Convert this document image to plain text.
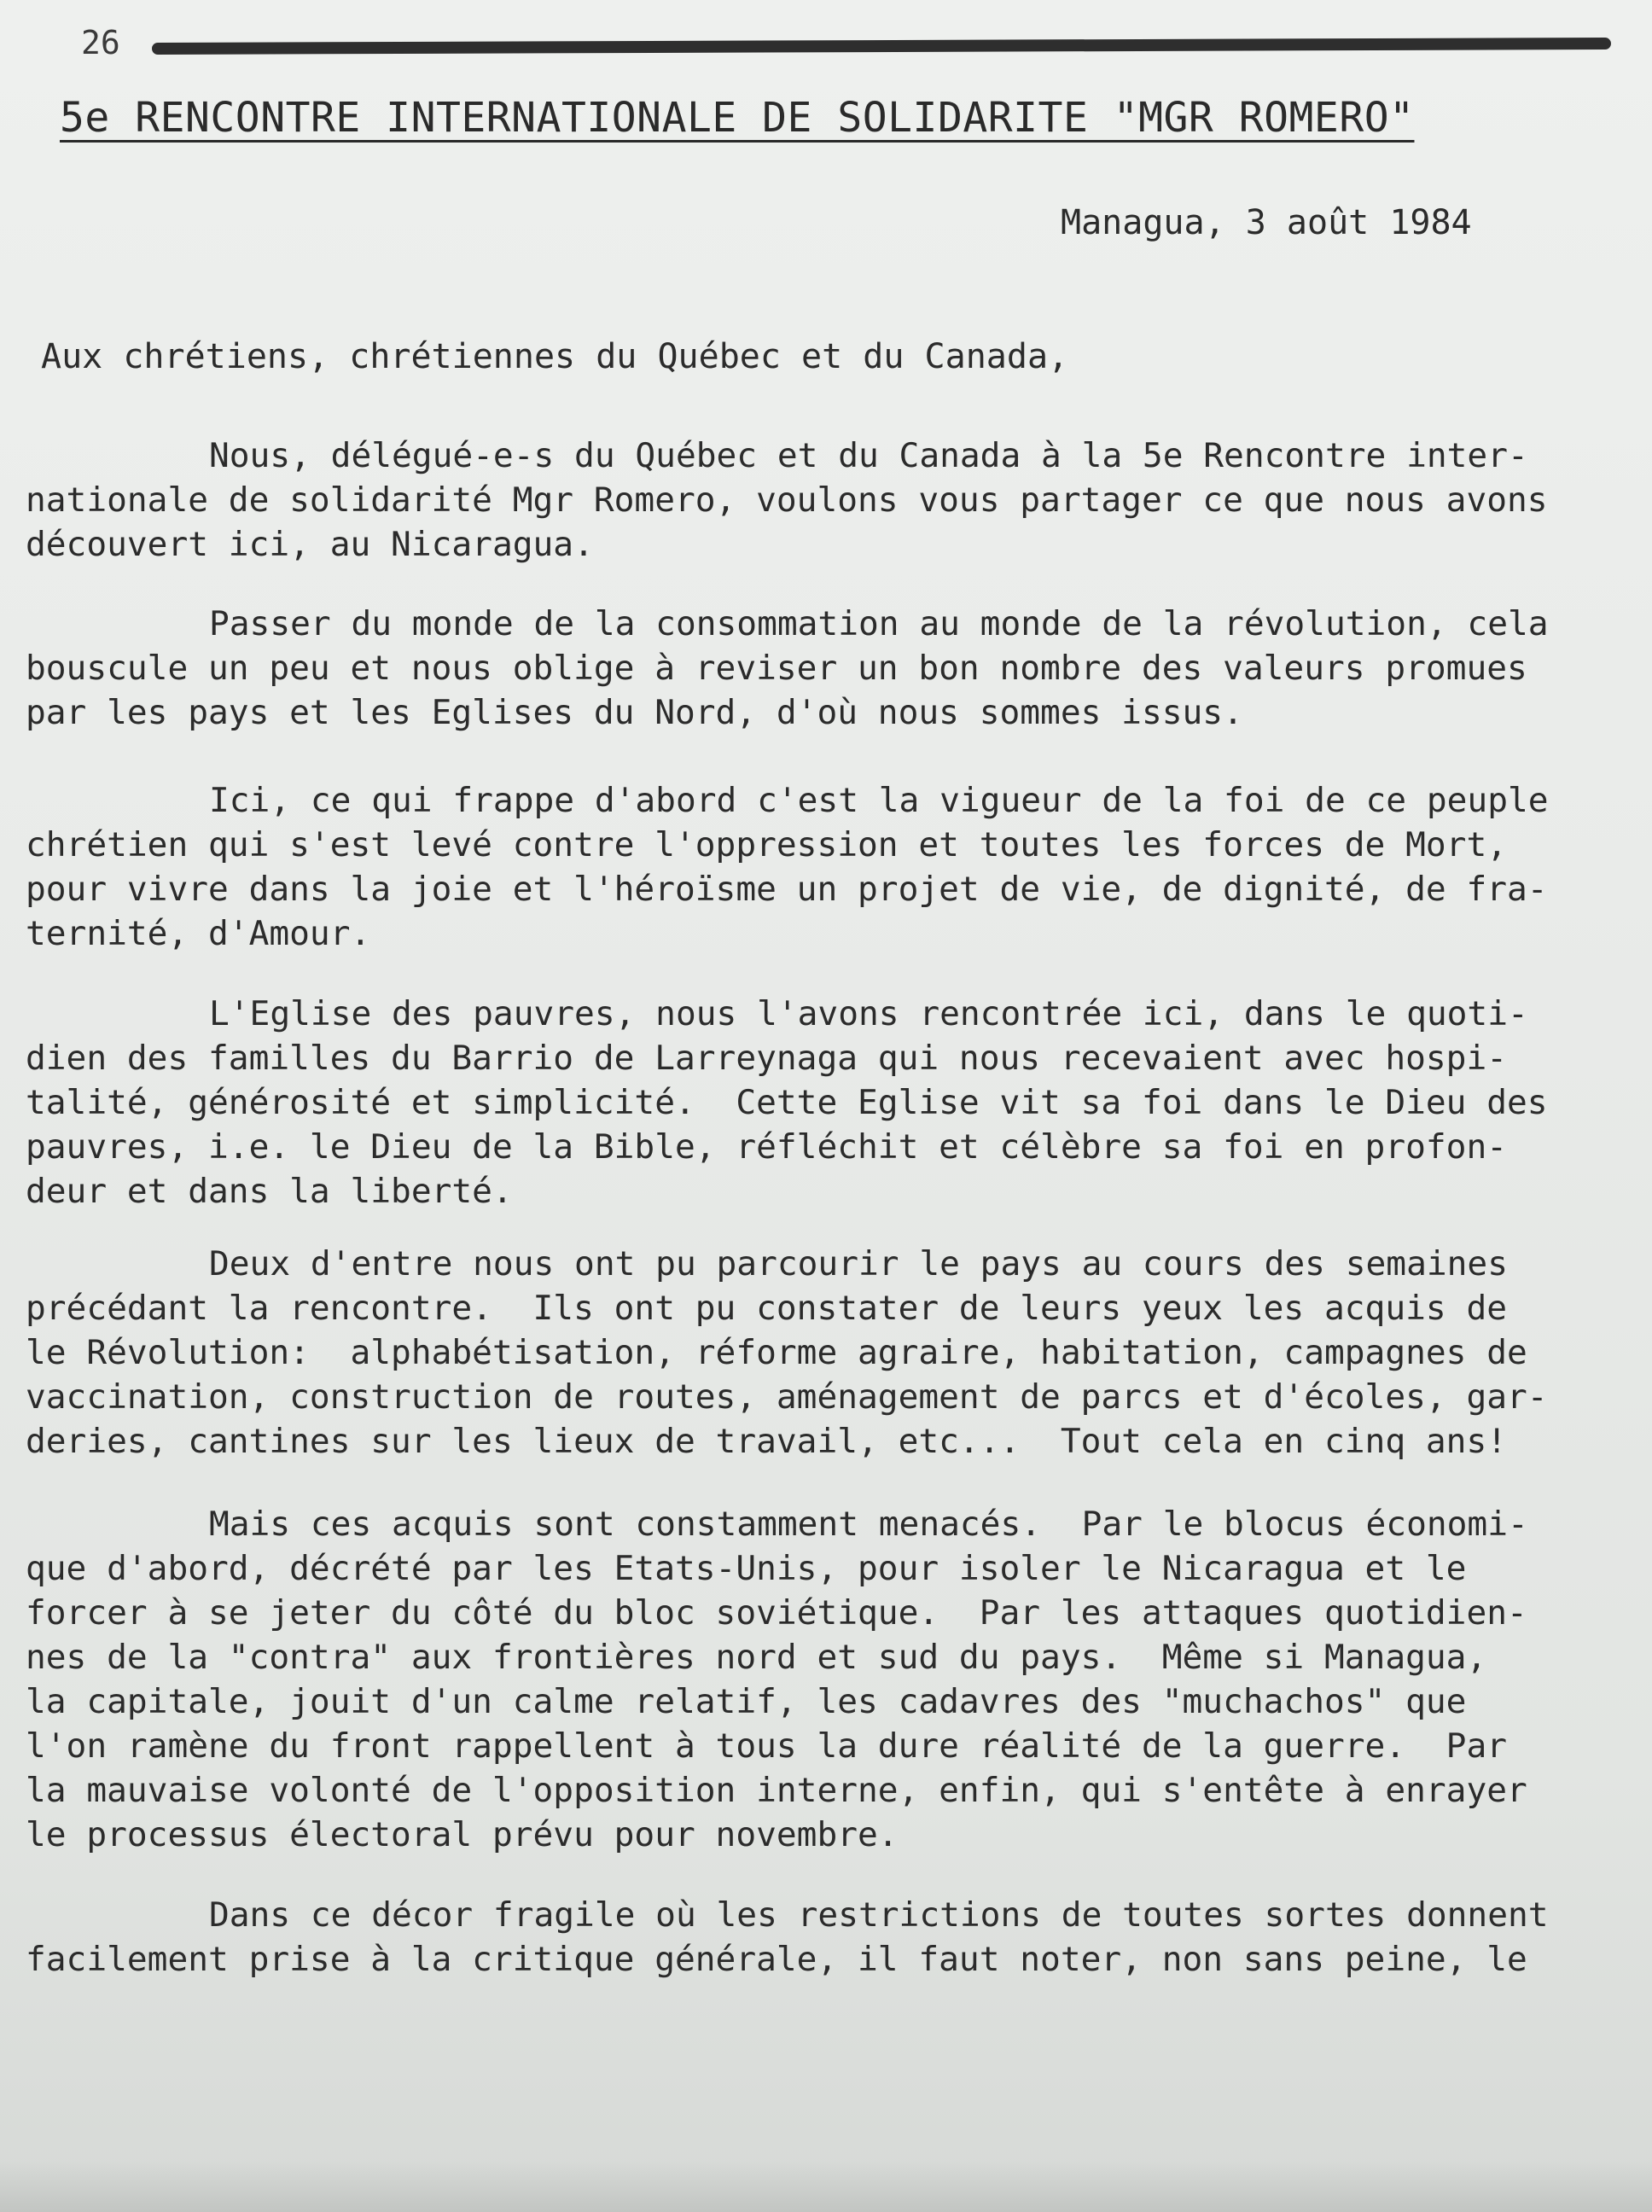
26
5e RENCONTRE INTERNATIONALE DE SOLIDARITE "MGR ROMERO"
Managua, 3 août 1984
Aux chrétiens, chrétiennes du Québec et du Canada,
Nous, délégué-e-s du Québec et du Canada à la 5e Rencontre inter-
nationale de solidarité Mgr Romero, voulons vous partager ce que nous avons
découvert ici, au Nicaragua.
Passer du monde de la consommation au monde de la révolution, cela
bouscule un peu et nous oblige à reviser un bon nombre des valeurs promues
par les pays et les Eglises du Nord, d'où nous sommes issus.
Ici, ce qui frappe d'abord c'est la vigueur de la foi de ce peuple
chrétien qui s'est levé contre l'oppression et toutes les forces de Mort,
pour vivre dans la joie et l'héroïsme un projet de vie, de dignité, de fra-
ternité, d'Amour.
L'Eglise des pauvres, nous l'avons rencontrée ici, dans le quoti-
dien des familles du Barrio de Larreynaga qui nous recevaient avec hospi-
talité, générosité et simplicité.  Cette Eglise vit sa foi dans le Dieu des
pauvres, i.e. le Dieu de la Bible, réfléchit et célèbre sa foi en profon-
deur et dans la liberté.
Deux d'entre nous ont pu parcourir le pays au cours des semaines
précédant la rencontre.  Ils ont pu constater de leurs yeux les acquis de
le Révolution:  alphabétisation, réforme agraire, habitation, campagnes de
vaccination, construction de routes, aménagement de parcs et d'écoles, gar-
deries, cantines sur les lieux de travail, etc...  Tout cela en cinq ans!
Mais ces acquis sont constamment menacés.  Par le blocus économi-
que d'abord, décrété par les Etats-Unis, pour isoler le Nicaragua et le
forcer à se jeter du côté du bloc soviétique.  Par les attaques quotidien-
nes de la "contra" aux frontières nord et sud du pays.  Même si Managua,
la capitale, jouit d'un calme relatif, les cadavres des "muchachos" que
l'on ramène du front rappellent à tous la dure réalité de la guerre.  Par
la mauvaise volonté de l'opposition interne, enfin, qui s'entête à enrayer
le processus électoral prévu pour novembre.
Dans ce décor fragile où les restrictions de toutes sortes donnent
facilement prise à la critique générale, il faut noter, non sans peine, le
